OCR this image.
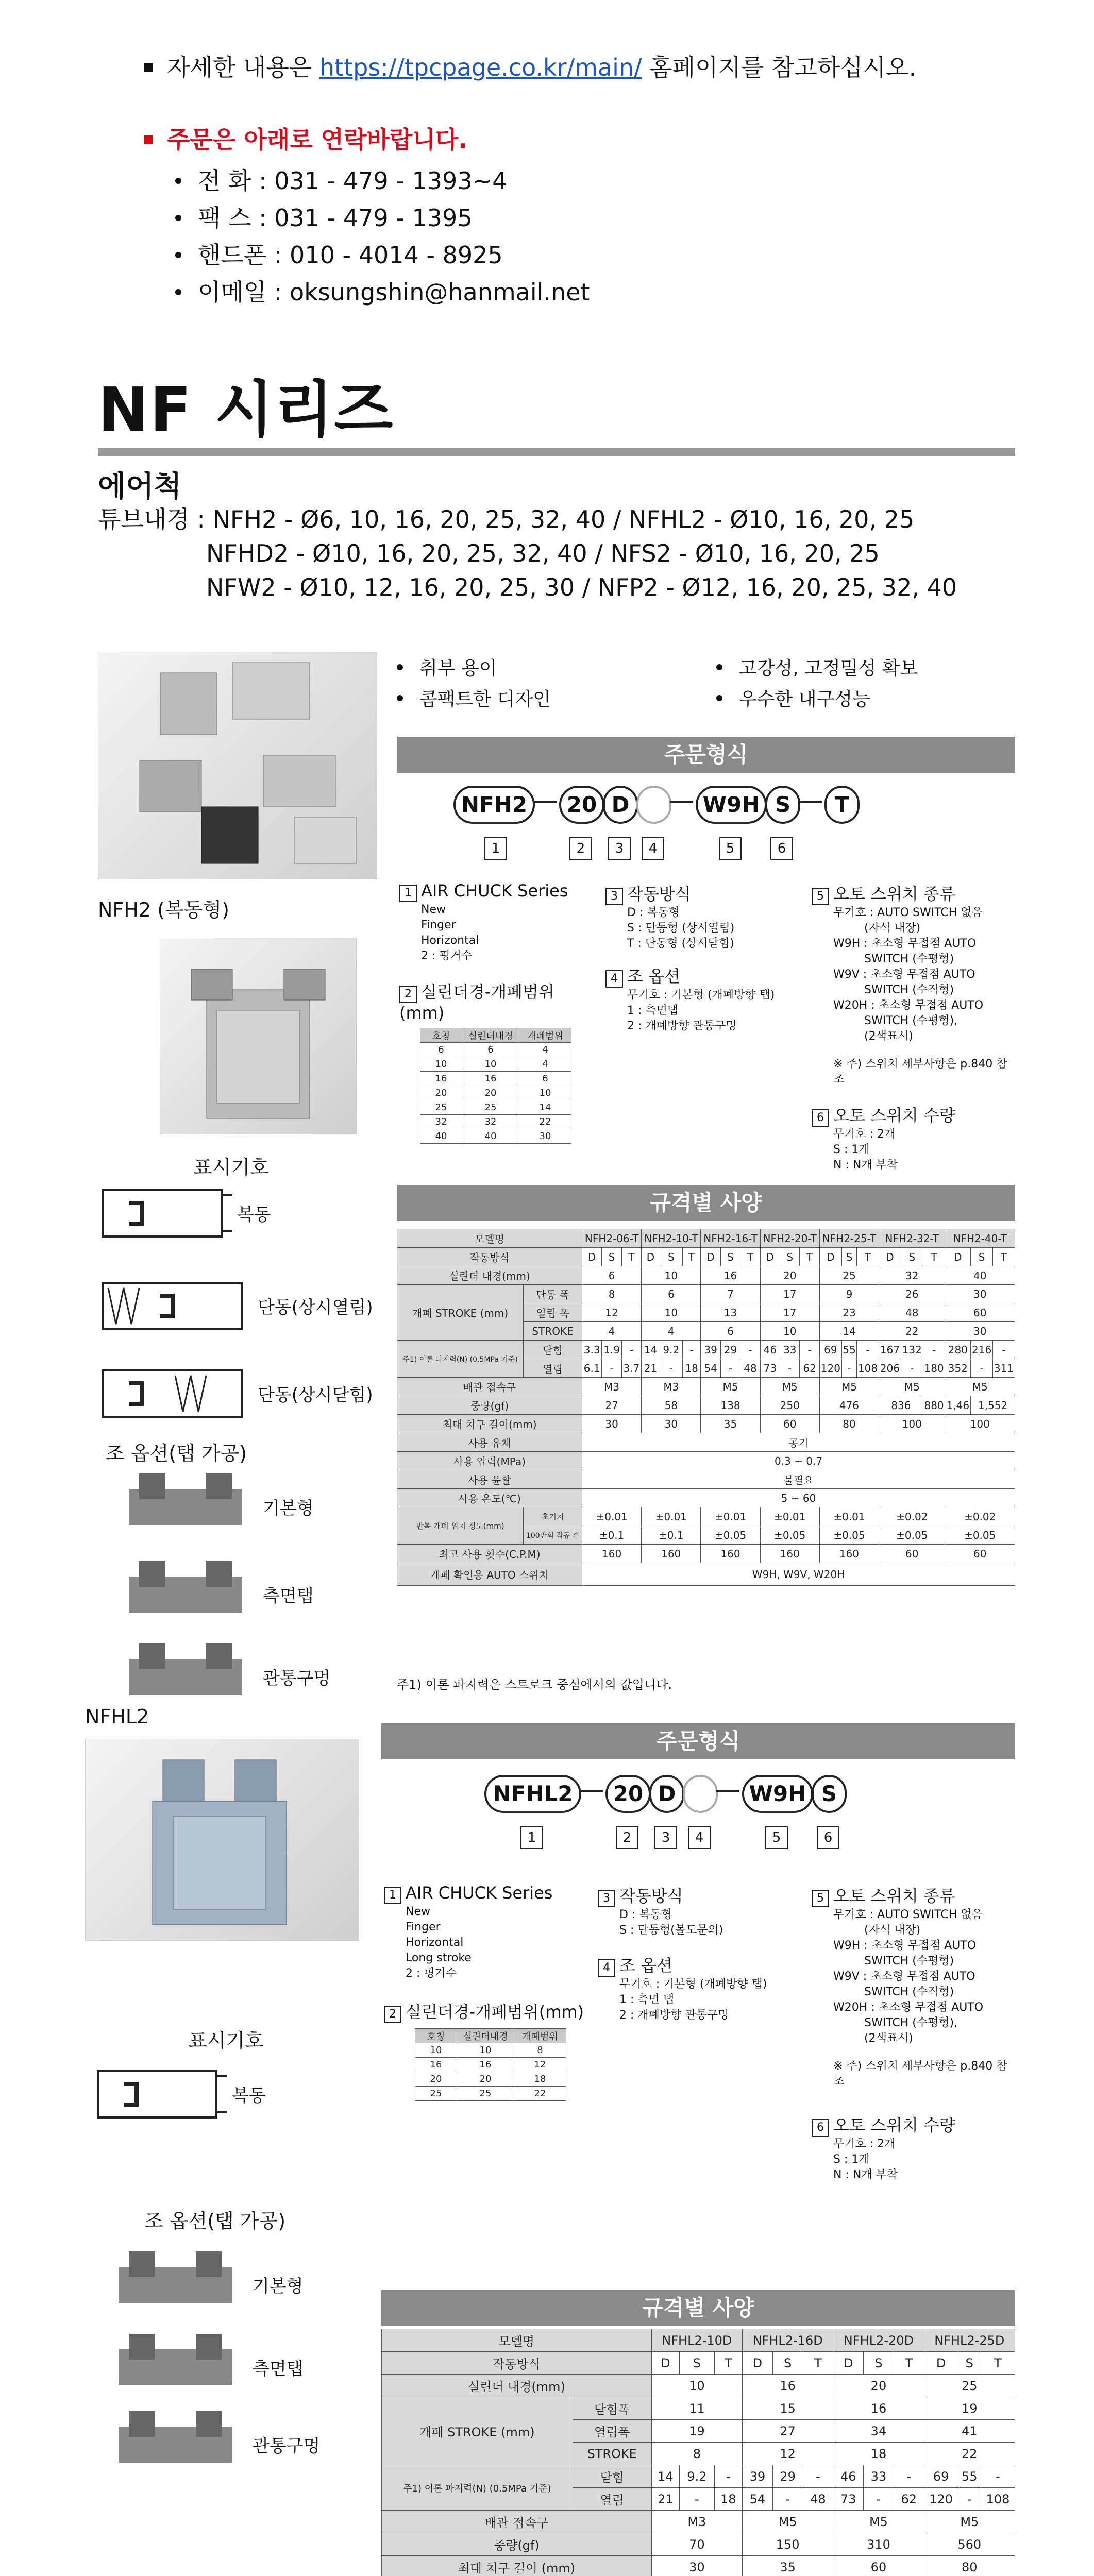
자세한 내용은 https://tpcpage.co.kr/main/ 홈페이지를 참고하십시오.
주문은 아래로 연락바랍니다.
전 화 : 031 - 479 - 1393~4
팩 스 : 031 - 479 - 1395
핸드폰 : 010 - 4014 - 8925
이메일 : oksungshin@hanmail.net
NF 시리즈
에어척
튜브내경 : NFH2 - Ø6, 10, 16, 20, 25, 32, 40 / NFHL2 - Ø10, 16, 20, 25
NFHD2 - Ø10, 16, 20, 25, 32, 40 / NFS2 - Ø10, 16, 20, 25
NFW2 - Ø10, 12, 16, 20, 25, 30 / NFP2 - Ø12, 16, 20, 25, 32, 40
NFH2 (복동형)
표시기호
복동
단동(상시열림)
단동(상시닫힘)
조 옵션(탭 가공)
기본형
측면탭
관통구멍
취부 용이	고강성, 고정밀성 확보
콤팩트한 디자인	우수한 내구성능
주문형식
NFH2	20 D	W9H S	T
1	2	3	4	5	6
1 AIR CHUCK Series
New
Finger
Horizontal
2 : 핑거수
2 실린더경-개폐범위(mm)
호칭	실린더내경	개폐범위
6	6	4
10	10	4
16	16	6
20	20	10
25	25	14
32	32	22
40	40	30
3 작동방식
D : 복동형
S : 단동형 (상시열림)
T : 단동형 (상시닫힘)
4 조 옵션
무기호 : 기본형 (개폐방향 탭)
1 : 측면탭
2 : 개폐방향 관통구멍
5 오토 스위치 종류
무기호 : AUTO SWITCH 없음
(자석 내장)
W9H : 초소형 무접점 AUTO
SWITCH (수평형)
W9V : 초소형 무접점 AUTO
SWITCH (수직형)
W20H : 초소형 무접점 AUTO
SWITCH (수평형),
(2색표시)
※ 주) 스위치 세부사항은 p.840 참조
6 오토 스위치 수량
무기호 : 2개
S : 1개
N : N개 부착
규격별 사양
모델명		NFH2-06-T			NFH2-10-T			NFH2-16-T			NFH2-20-T			NFH2-25-T			NFH2-32-T			NFH2-40-T		
작동방식		D	S	T	D	S	T	D	S	T	D	S	T	D	S	T	D	S	T	D	S	T
실린더 내경(mm)		6			10			16			20			25			32			40		
개폐 STROKE (mm)	단동 폭	8			6			7			17			9			26			30		
	열림 폭	12			10			13			17			23			48			60		
	STROKE	4			4			6			10			14			22			30		
주1) 이론 파지력(N) (0.5MPa 기준)	닫힘	3.3	1.9	-	14	9.2	-	39	29	-	46	33	-	69	55	-	167	132	-	280	216	-
	열림	6.1	-	3.7	21	-	18	54	-	48	73	-	62	120	-	108	206	-	180	352	-	311
배관 접속구		M3			M3			M5			M5			M5			M5			M5		
중량(gf)		27			58			138			250			476			836		880	1,46	1,552	
최대 치구 길이(mm)		30			30			35			60			80			100			100		
사용 유체		공기																				
사용 압력(MPa)		0.3 ~ 0.7																				
사용 윤활		불필요																				
사용 온도(℃)		5 ~ 60																				
반복 개폐 위치 정도(mm)	초기치	±0.01			±0.01			±0.01			±0.01			±0.01			±0.02			±0.02		
	100만회 작동 후	±0.1			±0.1			±0.05			±0.05			±0.05			±0.05			±0.05		
최고 사용 횟수(C.P.M)		160			160			160			160			160			60			60		
개폐 확인용 AUTO 스위치		W9H, W9V, W20H																				
주1) 이론 파지력은 스트로크 중심에서의 값입니다.
NFHL2
표시기호
복동
조 옵션(탭 가공)
기본형
측면탭
관통구멍
주문형식
NFHL2	20 D	W9H S
1	2	3	4	5	6
1 AIR CHUCK Series
New
Finger
Horizontal
Long stroke
2 : 핑거수
2 실린더경-개폐범위(mm)
호칭	실린더내경	개폐범위
10	10	8
16	16	12
20	20	18
25	25	22
3 작동방식
D : 복동형
S : 단동형(볼도문의)
4 조 옵션
무기호 : 기본형 (개폐방향 탭)
1 : 측면 탭
2 : 개폐방향 관통구멍
5 오토 스위치 종류
무기호 : AUTO SWITCH 없음
(자석 내장)
W9H : 초소형 무접점 AUTO
SWITCH (수평형)
W9V : 초소형 무접점 AUTO
SWITCH (수직형)
W20H : 초소형 무접점 AUTO
SWITCH (수평형),
(2색표시)
※ 주) 스위치 세부사항은 p.840 참조
6 오토 스위치 수량
무기호 : 2개
S : 1개
N : N개 부착
규격별 사양
모델명		NFHL2-10D			NFHL2-16D			NFHL2-20D			NFHL2-25D		
작동방식		D	S	T	D	S	T	D	S	T	D	S	T
실린더 내경(mm)		10			16			20			25		
개폐 STROKE (mm)	닫힘폭	11			15			16			19		
	열림폭	19			27			34			41		
	STROKE	8			12			18			22		
주1) 이론 파지력(N) (0.5MPa 기준)	닫힘	14	9.2	-	39	29	-	46	33	-	69	55	-
	열림	21	-	18	54	-	48	73	-	62	120	-	108
배관 접속구		M3			M5			M5			M5		
중량(gf)		70			150			310			560		
최대 치구 길이 (mm)		30			35			60			80		
